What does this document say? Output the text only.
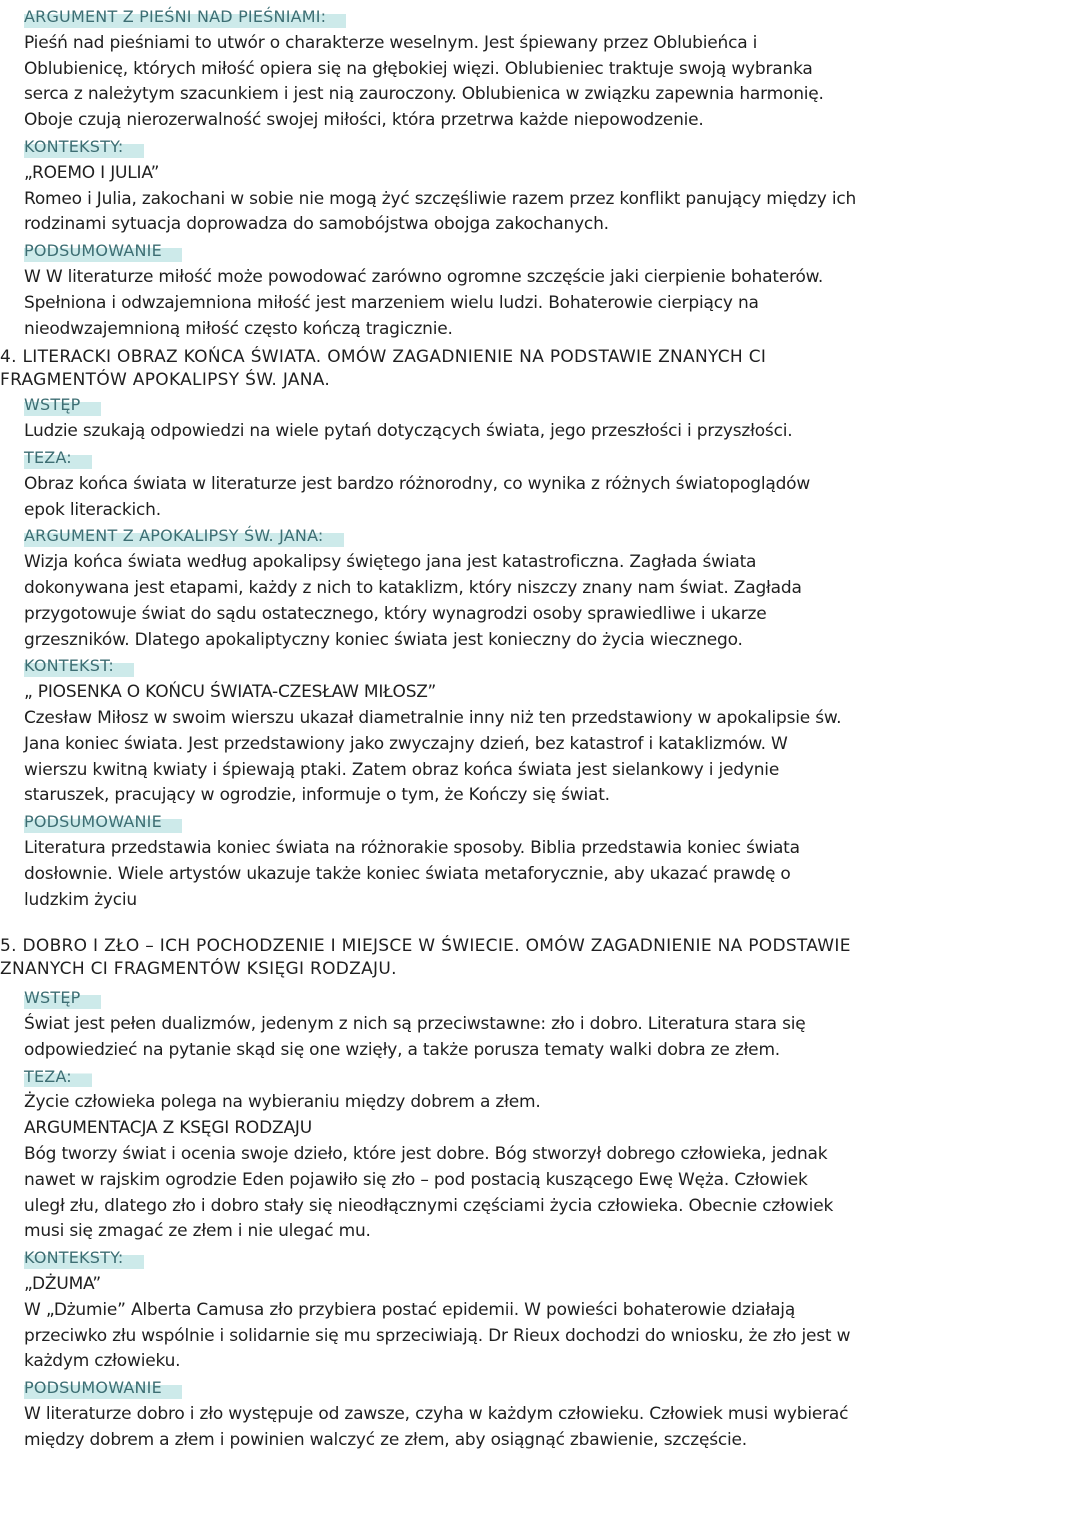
ARGUMENT Z PIEŚNI NAD PIEŚNIAMI:
Pieśń nad pieśniami to utwór o charakterze weselnym. Jest śpiewany przez Oblubieńca i
Oblubienicę, których miłość opiera się na głębokiej więzi. Oblubieniec traktuje swoją wybranka
serca z należytym szacunkiem i jest nią zauroczony. Oblubienica w związku zapewnia harmonię.
Oboje czują nierozerwalność swojej miłości, która przetrwa każde niepowodzenie.
KONTEKSTY:
„ROEMO I JULIA”
Romeo i Julia, zakochani w sobie nie mogą żyć szczęśliwie razem przez konflikt panujący między ich
rodzinami sytuacja doprowadza do samobójstwa obojga zakochanych.
PODSUMOWANIE
W W literaturze miłość może powodować zarówno ogromne szczęście jaki cierpienie bohaterów.
Spełniona i odwzajemniona miłość jest marzeniem wielu ludzi. Bohaterowie cierpiący na
nieodwzajemnioną miłość często kończą tragicznie.
4. LITERACKI OBRAZ KOŃCA ŚWIATA. OMÓW ZAGADNIENIE NA PODSTAWIE ZNANYCH CI
FRAGMENTÓW APOKALIPSY ŚW. JANA.
WSTĘP
Ludzie szukają odpowiedzi na wiele pytań dotyczących świata, jego przeszłości i przyszłości.
TEZA:
Obraz końca świata w literaturze jest bardzo różnorodny, co wynika z różnych światopoglądów
epok literackich.
ARGUMENT Z APOKALIPSY ŚW. JANA:
Wizja końca świata według apokalipsy świętego jana jest katastroficzna. Zagłada świata
dokonywana jest etapami, każdy z nich to kataklizm, który niszczy znany nam świat. Zagłada
przygotowuje świat do sądu ostatecznego, który wynagrodzi osoby sprawiedliwe i ukarze
grzeszników. Dlatego apokaliptyczny koniec świata jest konieczny do życia wiecznego.
KONTEKST:
„ PIOSENKA O KOŃCU ŚWIATA-CZESŁAW MIŁOSZ”
Czesław Miłosz w swoim wierszu ukazał diametralnie inny niż ten przedstawiony w apokalipsie św.
Jana koniec świata. Jest przedstawiony jako zwyczajny dzień, bez katastrof i kataklizmów. W
wierszu kwitną kwiaty i śpiewają ptaki. Zatem obraz końca świata jest sielankowy i jedynie
staruszek, pracujący w ogrodzie, informuje o tym, że Kończy się świat.
PODSUMOWANIE
Literatura przedstawia koniec świata na różnorakie sposoby. Biblia przedstawia koniec świata
dosłownie. Wiele artystów ukazuje także koniec świata metaforycznie, aby ukazać prawdę o
ludzkim życiu
5. DOBRO I ZŁO – ICH POCHODZENIE I MIEJSCE W ŚWIECIE. OMÓW ZAGADNIENIE NA PODSTAWIE
ZNANYCH CI FRAGMENTÓW KSIĘGI RODZAJU.
WSTĘP
Świat jest pełen dualizmów, jedenym z nich są przeciwstawne: zło i dobro. Literatura stara się
odpowiedzieć na pytanie skąd się one wzięły, a także porusza tematy walki dobra ze złem.
TEZA:
Życie człowieka polega na wybieraniu między dobrem a złem.
ARGUMENTACJA Z KSĘGI RODZAJU
Bóg tworzy świat i ocenia swoje dzieło, które jest dobre. Bóg stworzył dobrego człowieka, jednak
nawet w rajskim ogrodzie Eden pojawiło się zło – pod postacią kuszącego Ewę Węża. Człowiek
uległ złu, dlatego zło i dobro stały się nieodłącznymi częściami życia człowieka. Obecnie człowiek
musi się zmagać ze złem i nie ulegać mu.
KONTEKSTY:
„DŻUMA”
W „Dżumie” Alberta Camusa zło przybiera postać epidemii. W powieści bohaterowie działają
przeciwko złu wspólnie i solidarnie się mu sprzeciwiają. Dr Rieux dochodzi do wniosku, że zło jest w
każdym człowieku.
PODSUMOWANIE
W literaturze dobro i zło występuje od zawsze, czyha w każdym człowieku. Człowiek musi wybierać
między dobrem a złem i powinien walczyć ze złem, aby osiągnąć zbawienie, szczęście.
